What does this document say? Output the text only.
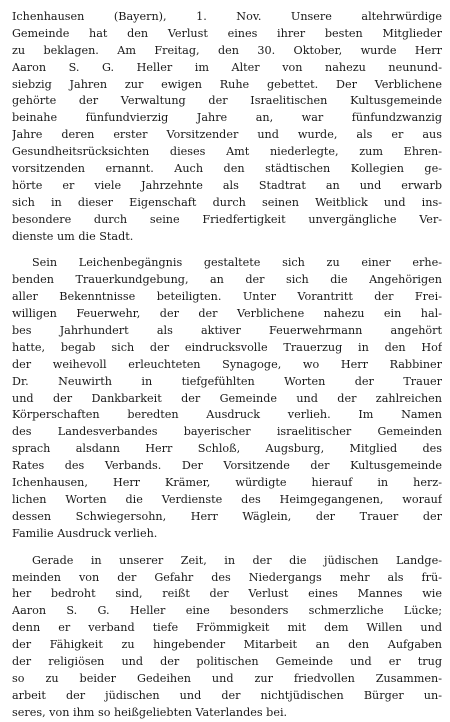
Ichenhausen (Bayern), 1. Nov. Unsere altehrwürdige
Gemeinde hat den Verlust eines ihrer besten Mitglieder
zu beklagen. Am Freitag, den 30. Oktober, wurde Herr
Aaron S. G. Heller im Alter von nahezu neunund-
siebzig Jahren zur ewigen Ruhe gebettet. Der Verblichene
gehörte der Verwaltung der Israelitischen Kultusgemeinde
beinahe fünfundvierzig Jahre an, war fünfundzwanzig
Jahre deren erster Vorsitzender und wurde, als er aus
Gesundheitsrücksichten dieses Amt niederlegte, zum Ehren-
vorsitzenden ernannt. Auch den städtischen Kollegien ge-
hörte er viele Jahrzehnte als Stadtrat an und erwarb
sich in dieser Eigenschaft durch seinen Weitblick und ins-
besondere durch seine Friedfertigkeit unvergängliche Ver-
dienste um die Stadt.
Sein Leichenbegängnis gestaltete sich zu einer erhe-
benden Trauerkundgebung, an der sich die Angehörigen
aller Bekenntnisse beteiligten. Unter Vorantritt der Frei-
willigen Feuerwehr, der der Verblichene nahezu ein hal-
bes Jahrhundert als aktiver Feuerwehrmann angehört
hatte, begab sich der eindrucksvolle Trauerzug in den Hof
der weihevoll erleuchteten Synagoge, wo Herr Rabbiner
Dr. Neuwirth in tiefgefühlten Worten der Trauer
und der Dankbarkeit der Gemeinde und der zahlreichen
Körperschaften beredten Ausdruck verlieh. Im Namen
des Landesverbandes bayerischer israelitischer Gemeinden
sprach alsdann Herr Schloß, Augsburg, Mitglied des
Rates des Verbands. Der Vorsitzende der Kultusgemeinde
Ichenhausen, Herr Krämer, würdigte hierauf in herz-
lichen Worten die Verdienste des Heimgegangenen, worauf
dessen Schwiegersohn, Herr Wäglein, der Trauer der
Familie Ausdruck verlieh.
Gerade in unserer Zeit, in der die jüdischen Landge-
meinden von der Gefahr des Niedergangs mehr als frü-
her bedroht sind, reißt der Verlust eines Mannes wie
Aaron S. G. Heller eine besonders schmerzliche Lücke;
denn er verband tiefe Frömmigkeit mit dem Willen und
der Fähigkeit zu hingebender Mitarbeit an den Aufgaben
der religiösen und der politischen Gemeinde und er trug
so zu beider Gedeihen und zur friedvollen Zusammen-
arbeit der jüdischen und der nichtjüdischen Bürger un-
seres, von ihm so heißgeliebten Vaterlandes bei.
